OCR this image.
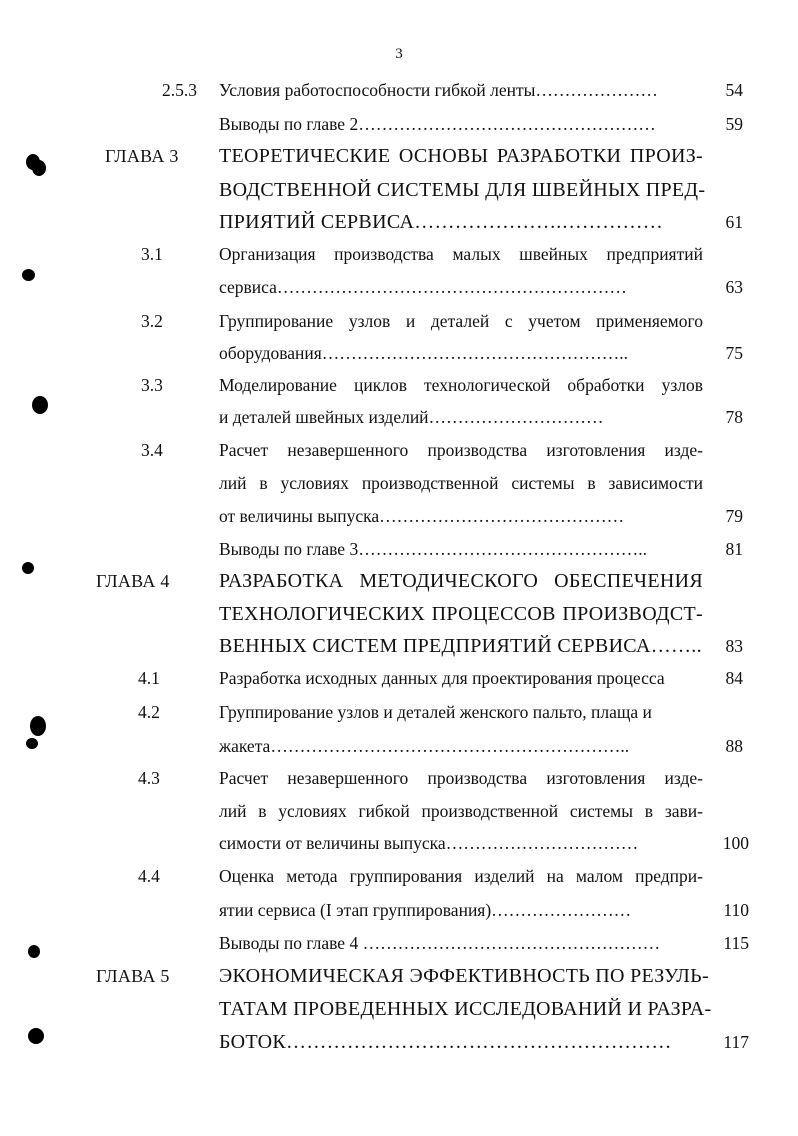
3
2.5.3 Условия работоспособности гибкой ленты…………………	54
Выводы по главе 2……………………………………………	59
ГЛАВА 3 ТЕОРЕТИЧЕСКИЕ ОСНОВЫ РАЗРАБОТКИ ПРОИЗ-
ВОДСТВЕННОЙ СИСТЕМЫ ДЛЯ ШВЕЙНЫХ ПРЕД-
ПРИЯТИЙ СЕРВИСА………………….……………	61
3.1	Организация производства малых швейных предприятий
сервиса……………………………………………………	63
3.2	Группирование узлов и деталей с учетом применяемого
оборудования……………………………………………..	75
3.3	Моделирование циклов технологической обработки узлов
и деталей швейных изделий…………………………	78
3.4	Расчет незавершенного производства изготовления изде-
лий в условиях производственной системы в зависимости
от величины выпуска……………………………………	79
Выводы по главе 3…………………………………………..	81
ГЛАВА 4 РАЗРАБОТКА МЕТОДИЧЕСКОГО ОБЕСПЕЧЕНИЯ
ТЕХНОЛОГИЧЕСКИХ ПРОЦЕССОВ ПРОИЗВОДСТ-
ВЕННЫХ СИСТЕМ ПРЕДПРИЯТИЙ СЕРВИСА……..	83
4.1	Разработка исходных данных для проектирования процесса	84
4.2	Группирование узлов и деталей женского пальто, плаща и
жакета……………………………………………………..	88
4.3	Расчет незавершенного производства изготовления изде-
лий в условиях гибкой производственной системы в зави-
симости от величины выпуска……………………………	100
4.4	Оценка метода группирования изделий на малом предпри-
ятии сервиса (I этап группирования)……………………	110
Выводы по главе 4 ……………………………………………	115
ГЛАВА 5 ЭКОНОМИЧЕСКАЯ ЭФФЕКТИВНОСТЬ ПО РЕЗУЛЬ-
ТАТАМ ПРОВЕДЕННЫХ ИССЛЕДОВАНИЙ И РАЗРА-
БОТОК…………………………………………………	117
